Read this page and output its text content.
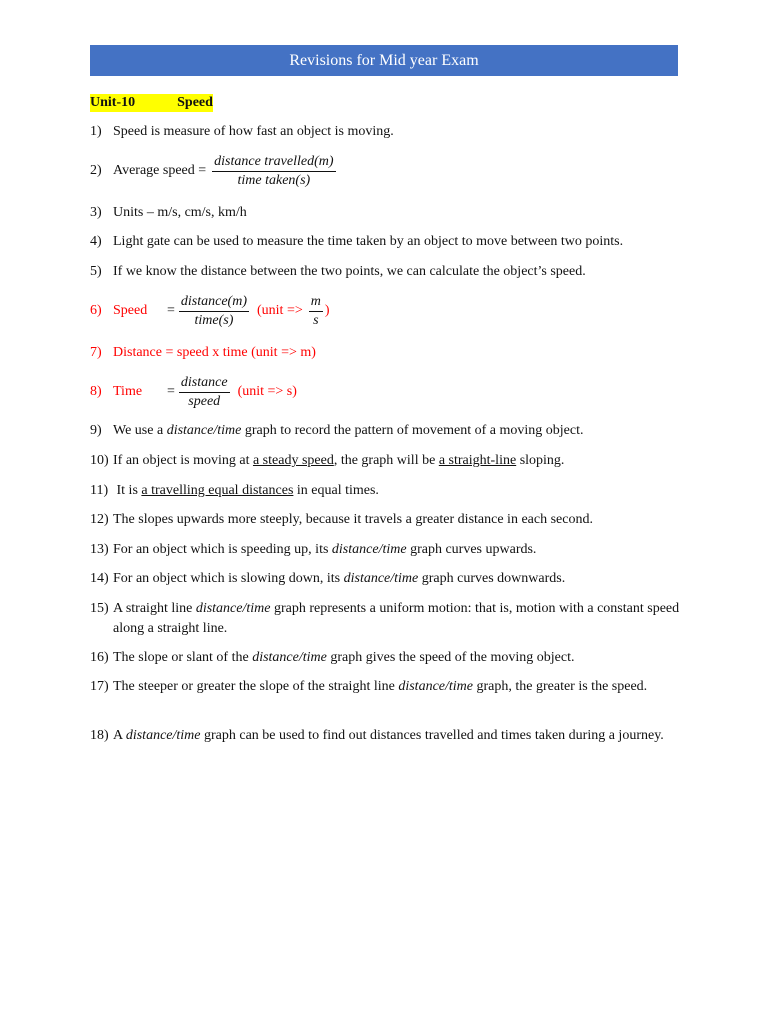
Revisions for Mid year Exam
Unit-10	Speed
1) Speed is measure of how fast an object is moving.
2) Average speed = $\frac{\text{distance travelled(m)}}{\text{time taken(s)}}$
3) Units – m/s, cm/s, km/h
4) Light gate can be used to measure the time taken by an object to move between two points.
5) If we know the distance between the two points, we can calculate the object’s speed.
6) Speed	= $\frac{\text{distance(m)}}{\text{time(s)}}$ (unit => $\frac{m}{s}$ )
7) Distance = speed x time (unit => m)
8) Time	= $\frac{\text{distance}}{\text{speed}}$ (unit => s)
9) We use a distance/time graph to record the pattern of movement of a moving object.
10) If an object is moving at a steady speed, the graph will be a straight-line sloping.
11) It is a travelling equal distances in equal times.
12) The slopes upwards more steeply, because it travels a greater distance in each second.
13) For an object which is speeding up, its distance/time graph curves upwards.
14) For an object which is slowing down, its distance/time graph curves downwards.
15) A straight line distance/time graph represents a uniform motion: that is, motion with a constant speed along a straight line.
16) The slope or slant of the distance/time graph gives the speed of the moving object.
17) The steeper or greater the slope of the straight line distance/time graph, the greater is the speed.
18) A distance/time graph can be used to find out distances travelled and times taken during a journey.
